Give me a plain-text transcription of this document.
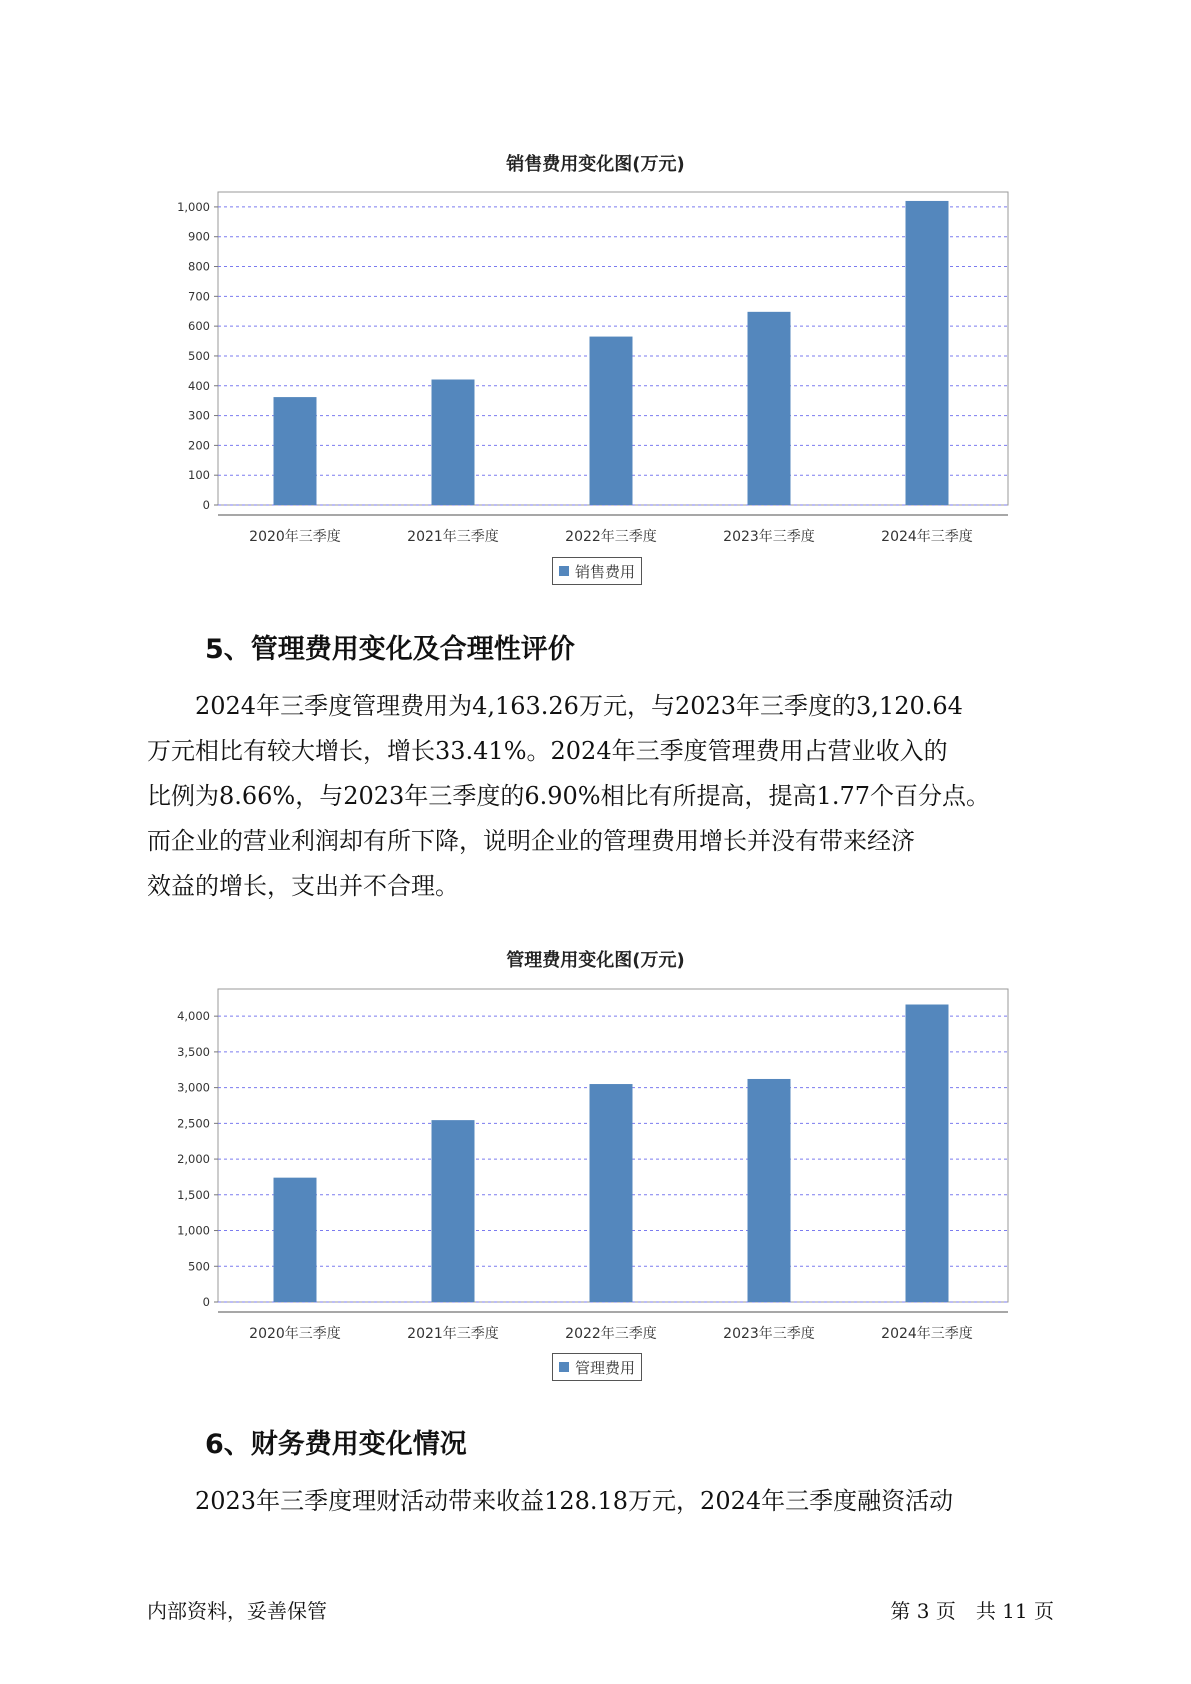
销售费用变化图(万元)
0
100
200
300
400
500
600
700
800
900
1,000
2020年三季度	2021年三季度	2022年三季度	2023年三季度	2024年三季度
销售费用
5、管理费用变化及合理性评价
　　2024年三季度管理费用为4,163.26万元，与2023年三季度的3,120.64
万元相比有较大增长，增长33.41%。2024年三季度管理费用占营业收入的
比例为8.66%，与2023年三季度的6.90%相比有所提高，提高1.77个百分点。
而企业的营业利润却有所下降，说明企业的管理费用增长并没有带来经济
效益的增长，支出并不合理。
管理费用变化图(万元)
0
500
1,000
1,500
2,000
2,500
3,000
3,500
4,000
2020年三季度	2021年三季度	2022年三季度	2023年三季度	2024年三季度
管理费用
6、财务费用变化情况
　　2023年三季度理财活动带来收益128.18万元，2024年三季度融资活动
内部资料，妥善保管	第 3 页　共 11 页
